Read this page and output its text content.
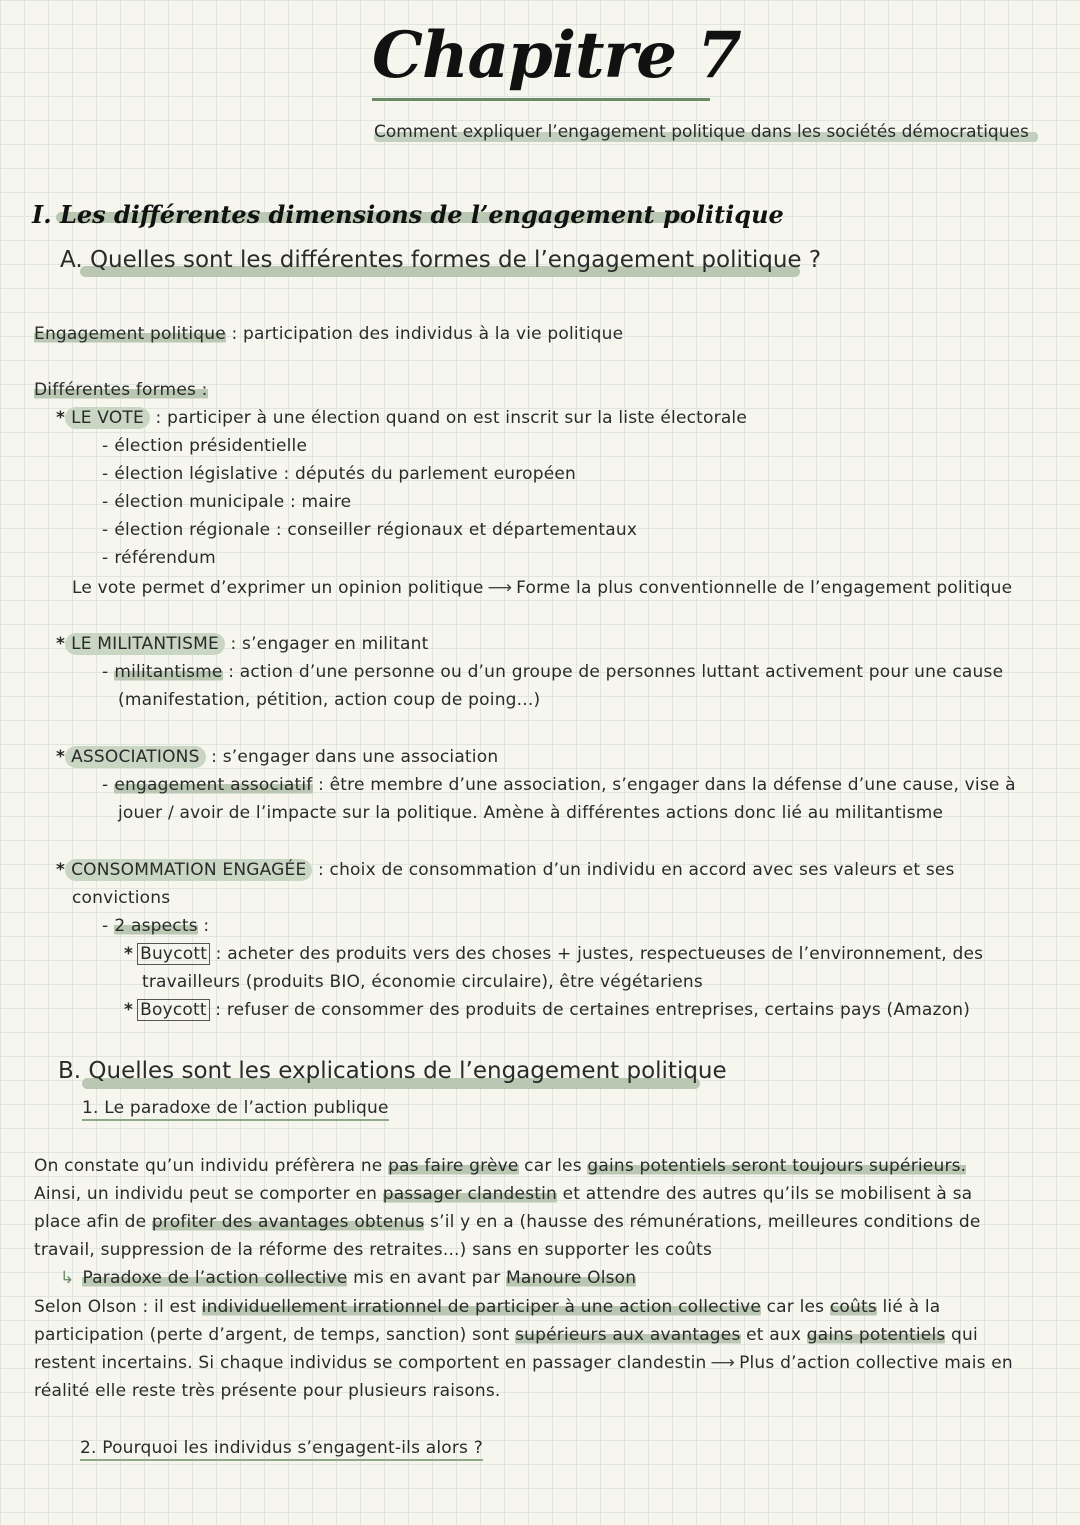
Chapitre 7
Comment expliquer l’engagement politique dans les sociétés démocratiques
I. Les différentes dimensions de l’engagement politique
A. Quelles sont les différentes formes de l’engagement politique ?
Engagement politique : participation des individus à la vie politique
Différentes formes :
* LE VOTE : participer à une élection quand on est inscrit sur la liste électorale
- élection présidentielle
- élection législative : députés du parlement européen
- élection municipale : maire
- élection régionale : conseiller régionaux et départementaux
- référendum
Le vote permet d’exprimer un opinion politique ⟶ Forme la plus conventionnelle de l’engagement politique
* LE MILITANTISME : s’engager en militant
- militantisme : action d’une personne ou d’un groupe de personnes luttant activement pour une cause
(manifestation, pétition, action coup de poing...)
* ASSOCIATIONS : s’engager dans une association
- engagement associatif : être membre d’une association, s’engager dans la défense d’une cause, vise à
jouer / avoir de l’impacte sur la politique. Amène à différentes actions donc lié au militantisme
* CONSOMMATION ENGAGÉE : choix de consommation d’un individu en accord avec ses valeurs et ses
convictions
- 2 aspects :
* Buycott : acheter des produits vers des choses + justes, respectueuses de l’environnement, des
travailleurs (produits BIO, économie circulaire), être végétariens
* Boycott : refuser de consommer des produits de certaines entreprises, certains pays (Amazon)
B. Quelles sont les explications de l’engagement politique
1. Le paradoxe de l’action publique
On constate qu’un individu préfèrera ne pas faire grève car les gains potentiels seront toujours supérieurs.
Ainsi, un individu peut se comporter en passager clandestin et attendre des autres qu’ils se mobilisent à sa
place afin de profiter des avantages obtenus s’il y en a (hausse des rémunérations, meilleures conditions de
travail, suppression de la réforme des retraites...) sans en supporter les coûts
↳ Paradoxe de l’action collective mis en avant par Manoure Olson
Selon Olson : il est individuellement irrationnel de participer à une action collective car les coûts lié à la
participation (perte d’argent, de temps, sanction) sont supérieurs aux avantages et aux gains potentiels qui
restent incertains. Si chaque individus se comportent en passager clandestin ⟶ Plus d’action collective mais en
réalité elle reste très présente pour plusieurs raisons.
2. Pourquoi les individus s’engagent-ils alors ?
